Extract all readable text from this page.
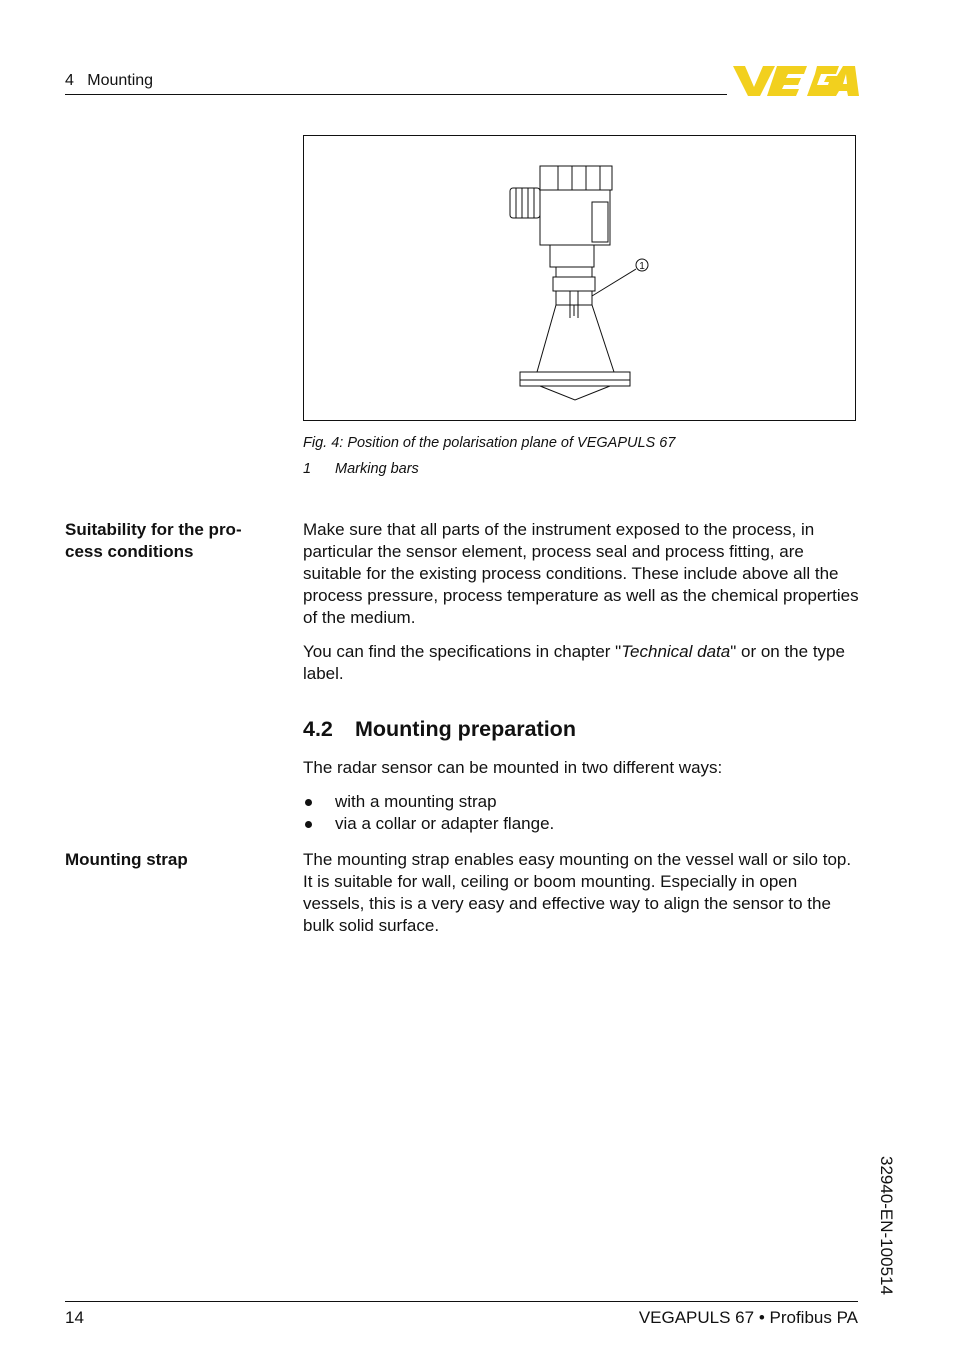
4   Mounting
1
Fig. 4: Position of the polarisation plane of VEGAPULS 67
1 Marking bars
Suitability for the pro-
cess conditions

Make sure that all parts of the instrument exposed to the process, in particular the sensor element, process seal and process fitting, are suitable for the existing process conditions. These include above all the process pressure, process temperature as well as the chemical properties of the medium.

You can find the specifications in chapter "Technical data" or on the type label.

4.2 Mounting preparation

The radar sensor can be mounted in two different ways:

with a mounting strap
via a collar or adapter flange.
Mounting strap	The mounting strap enables easy mounting on the vessel wall or silo top. It is suitable for wall, ceiling or boom mounting. Especially in open vessels, this is a very easy and effective way to align the sensor to the bulk solid surface.

32940-EN-100514
14	VEGAPULS 67 • Profibus PA
